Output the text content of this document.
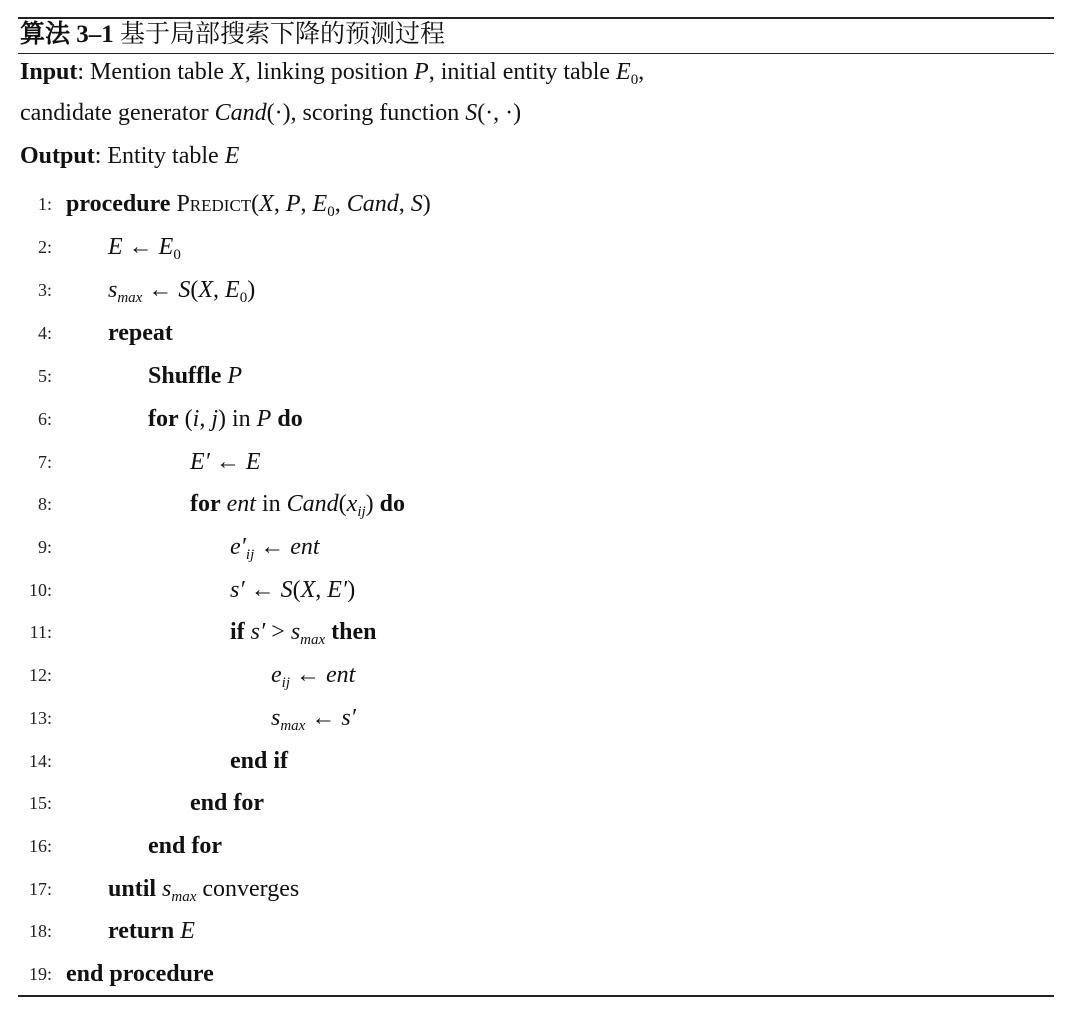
算法 3–1 基于局部搜索下降的预测过程
Input: Mention table X, linking position P, initial entity table $E_0$,
candidate generator Cand(·), scoring function S(·, ·)
Output: Entity table E
1: procedure Predict(X, P, $E_0$, Cand, S)
2: E ← $E_0$
3: $s_{max}$ ← S(X, $E_0$)
4: repeat
5:	Shuffle P
6:	for (i, j) in P do
7:	E′ ← E
8:	for ent in $Cand(x_{ij})$ do
9:	$e'_{ij}$ ← ent
10:	s′ ← S(X, E′)
11:	if $s' > s_{max}$ then
12:	$e_{ij}$ ← ent
13:	$s_{max}$ ← s′
14:	end if
15:	end for
16:	end for
17: until $s_{max}$ converges
18: return E
19: end procedure
